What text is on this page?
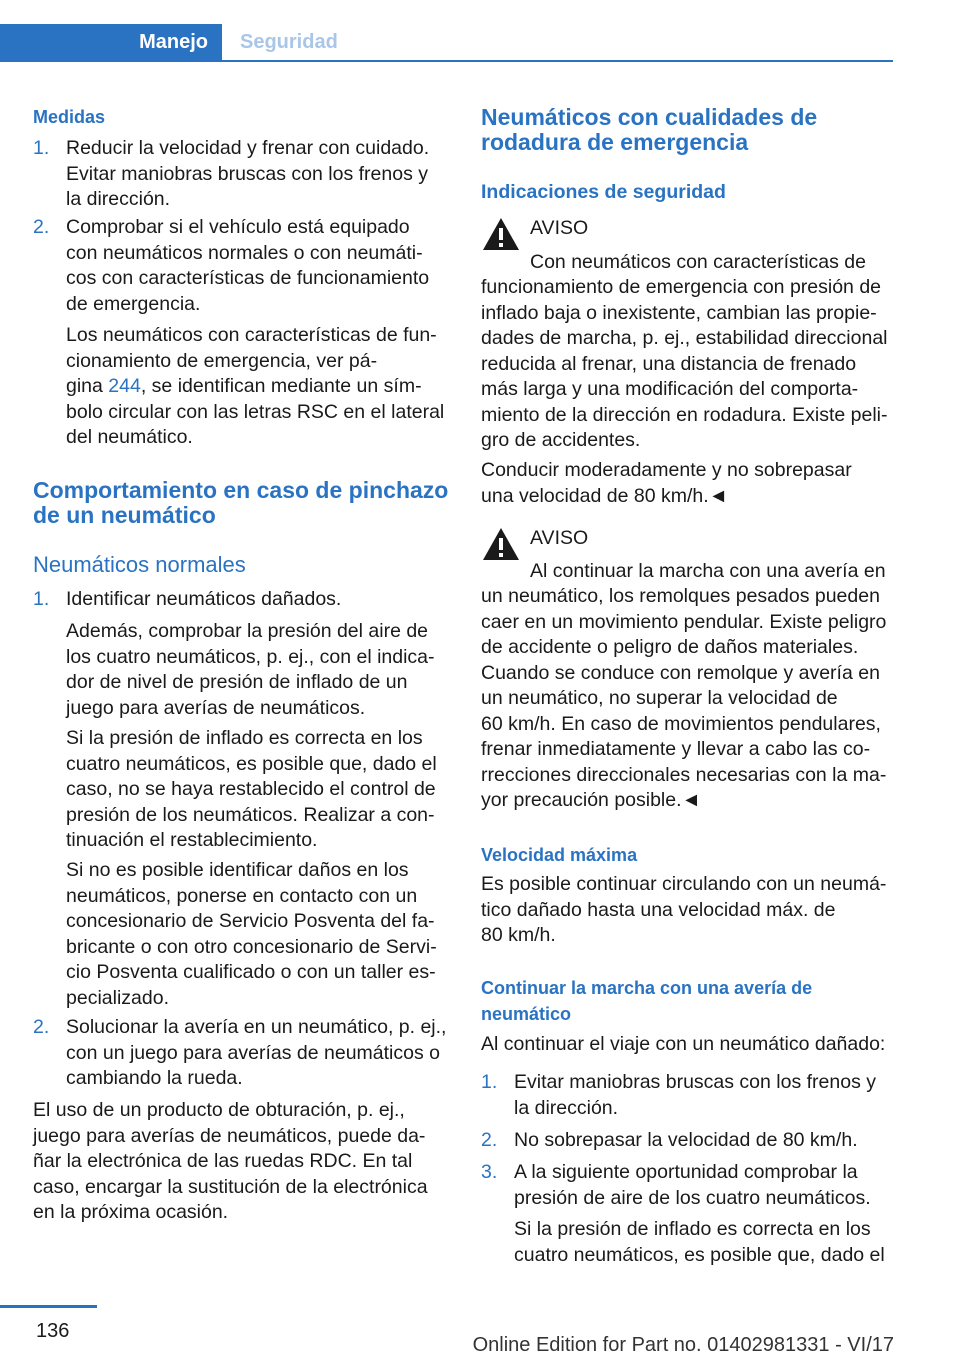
Manejo Seguridad
Medidas
1. Reducir la velocidad y frenar con cuidado.
Evitar maniobras bruscas con los frenos y
la dirección.
2. Comprobar si el vehículo está equipado
con neumáticos normales o con neumáti‐
cos con características de funcionamiento
de emergencia.
Los neumáticos con características de fun‐
cionamiento de emergencia, ver pá‐
gina 244, se identifican mediante un sím‐
bolo circular con las letras RSC en el lateral
del neumático.
Comportamiento en caso de pinchazo
de un neumático
Neumáticos normales
1. Identificar neumáticos dañados.
Además, comprobar la presión del aire de
los cuatro neumáticos, p. ej., con el indica‐
dor de nivel de presión de inflado de un
juego para averías de neumáticos.
Si la presión de inflado es correcta en los
cuatro neumáticos, es posible que, dado el
caso, no se haya restablecido el control de
presión de los neumáticos. Realizar a con‐
tinuación el restablecimiento.
Si no es posible identificar daños en los
neumáticos, ponerse en contacto con un
concesionario de Servicio Posventa del fa‐
bricante o con otro concesionario de Servi‐
cio Posventa cualificado o con un taller es‐
pecializado.
2. Solucionar la avería en un neumático, p. ej.,
con un juego para averías de neumáticos o
cambiando la rueda.
El uso de un producto de obturación, p. ej.,
juego para averías de neumáticos, puede da‐
ñar la electrónica de las ruedas RDC. En tal
caso, encargar la sustitución de la electrónica
en la próxima ocasión.
Neumáticos con cualidades de
rodadura de emergencia
Indicaciones de seguridad
AVISO
Con neumáticos con características de
funcionamiento de emergencia con presión de
inflado baja o inexistente, cambian las propie‐
dades de marcha, p. ej., estabilidad direccional
reducida al frenar, una distancia de frenado
más larga y una modificación del comporta‐
miento de la dirección en rodadura. Existe peli‐
gro de accidentes.
Conducir moderadamente y no sobrepasar
una velocidad de 80 km/h.◄
AVISO
Al continuar la marcha con una avería en
un neumático, los remolques pesados pueden
caer en un movimiento pendular. Existe peligro
de accidente o peligro de daños materiales.
Cuando se conduce con remolque y avería en
un neumático, no superar la velocidad de
60 km/h. En caso de movimientos pendulares,
frenar inmediatamente y llevar a cabo las co‐
rrecciones direccionales necesarias con la ma‐
yor precaución posible.◄
Velocidad máxima
Es posible continuar circulando con un neumá‐
tico dañado hasta una velocidad máx. de
80 km/h.
Continuar la marcha con una avería de
neumático
Al continuar el viaje con un neumático dañado:
1. Evitar maniobras bruscas con los frenos y
la dirección.
2. No sobrepasar la velocidad de 80 km/h.
3. A la siguiente oportunidad comprobar la
presión de aire de los cuatro neumáticos.
Si la presión de inflado es correcta en los
cuatro neumáticos, es posible que, dado el
136
Online Edition for Part no. 01402981331 - VI/17
